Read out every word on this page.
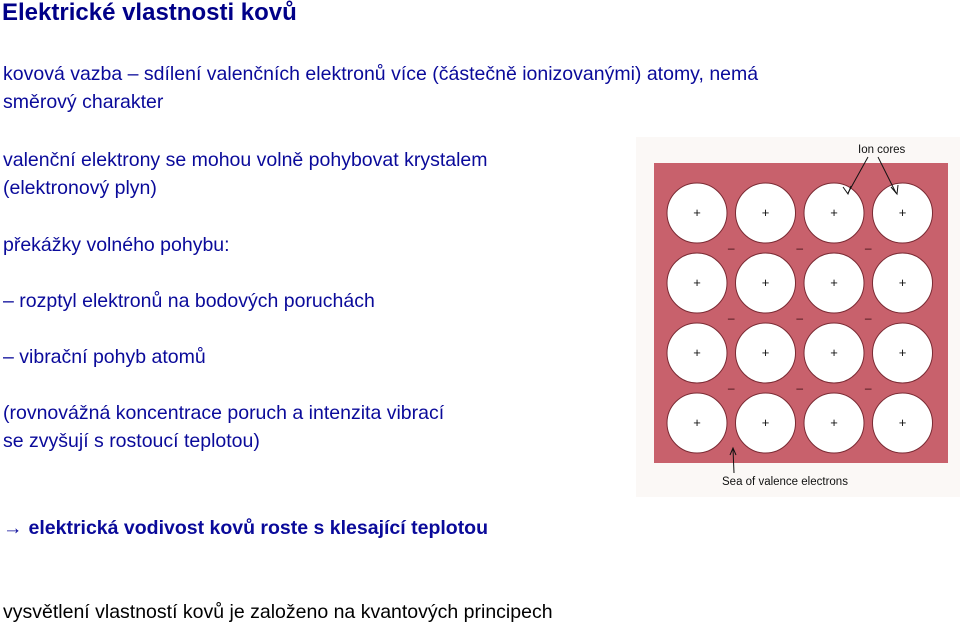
Elektrické vlastnosti kovů
kovová vazba – sdílení valenčních elektronů více (částečně ionizovanými) atomy, nemá
směrový charakter
valenční elektrony se mohou volně pohybovat krystalem
(elektronový plyn)
překážky volného pohybu:
– rozptyl elektronů na bodových poruchách
– vibrační pohyb atomů
(rovnovážná koncentrace poruch a intenzita vibrací
se zvyšují s rostoucí teplotou)
→ elektrická vodivost kovů roste s klesající teplotou
vysvětlení vlastností kovů je založeno na kvantových principech
+	+	+	+
+	+	+	+
+	+	+	+
+	+	+	+
–	–	–
–	–	–
–	–	–
Ion cores
Sea of valence electrons
